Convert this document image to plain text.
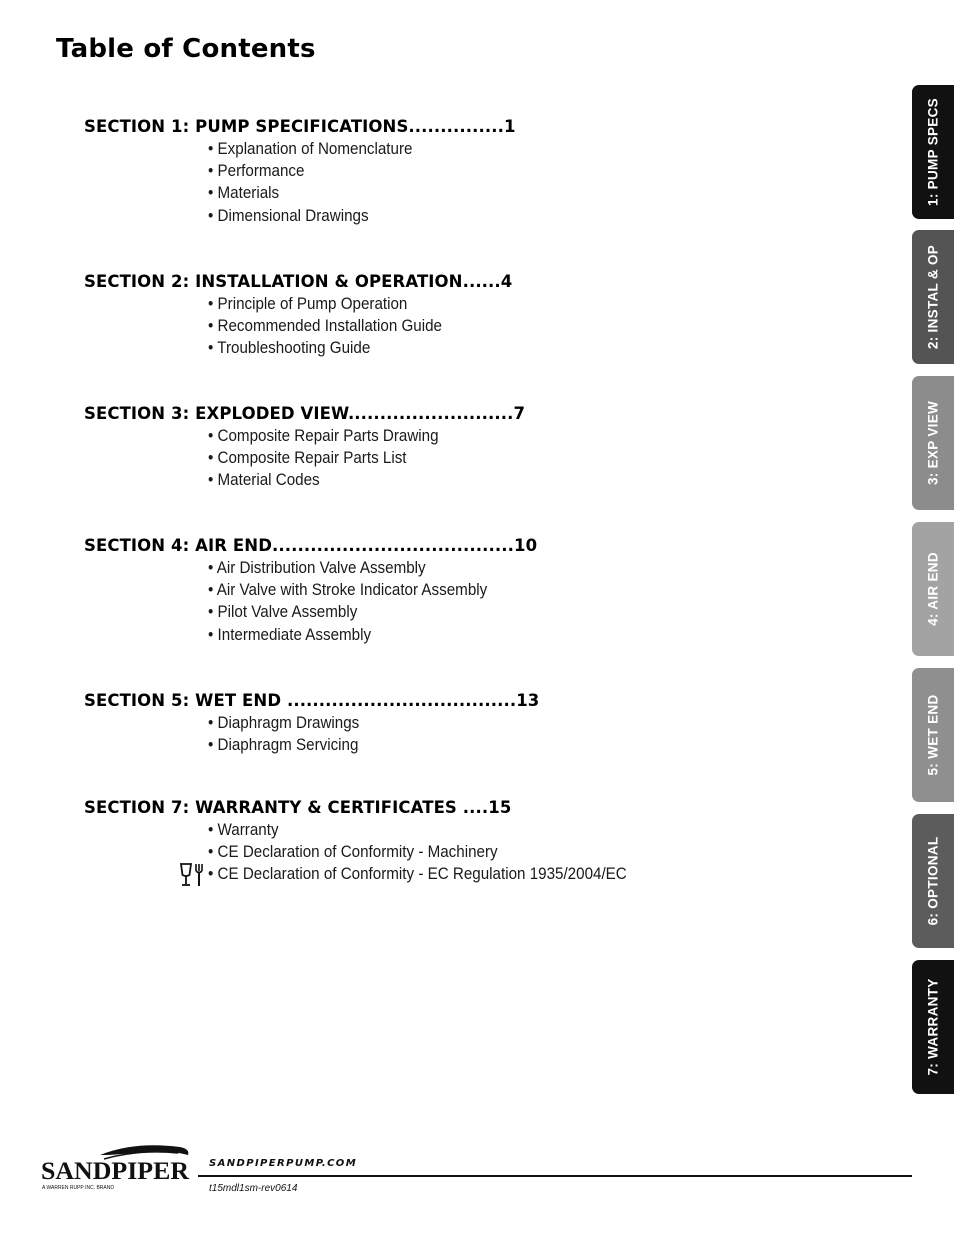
Table of Contents
SECTION 1: PUMP SPECIFICATIONS...............1
• Explanation of Nomenclature
• Performance
• Materials
• Dimensional Drawings
SECTION 2: INSTALLATION & OPERATION......4
• Principle of Pump Operation
• Recommended Installation Guide
• Troubleshooting Guide
SECTION 3: EXPLODED VIEW..........................7
• Composite Repair Parts Drawing
• Composite Repair Parts List
• Material Codes
SECTION 4: AIR END......................................10
• Air Distribution Valve Assembly
• Air Valve with Stroke Indicator Assembly
• Pilot Valve Assembly
• Intermediate Assembly
SECTION 5: WET END ....................................13
• Diaphragm Drawings
• Diaphragm Servicing
SECTION 7: WARRANTY & CERTIFICATES ....15
• Warranty
• CE Declaration of Conformity - Machinery
• CE Declaration of Conformity - EC Regulation 1935/2004/EC
1: PUMP SPECS
2: INSTAL & OP
3: EXP VIEW
4: AIR END
5: WET END
6: OPTIONAL
7: WARRANTY
SANDPIPER
A WARREN RUPP INC. BRAND
SANDPIPERPUMP.COM
t15mdl1sm-rev0614
